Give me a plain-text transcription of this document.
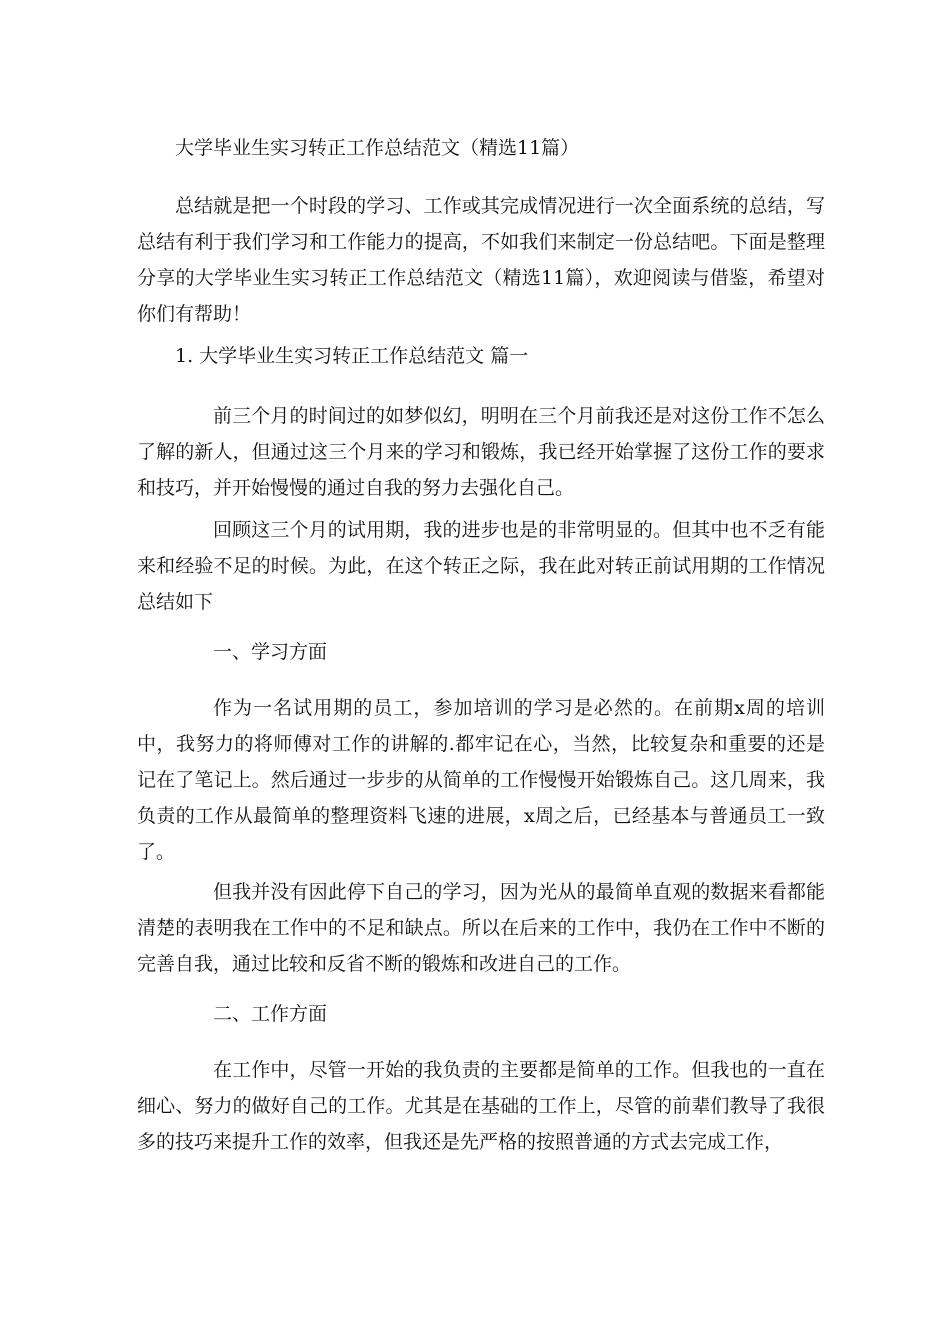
大学毕业生实习转正工作总结范文（精选11篇）

总结就是把一个时段的学习、工作或其完成情况进行一次全面系统的总结，写总结有利于我们学习和工作能力的提高，不如我们来制定一份总结吧。下面是整理分享的大学毕业生实习转正工作总结范文（精选11篇），欢迎阅读与借鉴，希望对你们有帮助！

1. 大学毕业生实习转正工作总结范文 篇一

前三个月的时间过的如梦似幻，明明在三个月前我还是对这份工作不怎么了解的新人，但通过这三个月来的学习和锻炼，我已经开始掌握了这份工作的要求和技巧，并开始慢慢的通过自我的努力去强化自己。

回顾这三个月的试用期，我的进步也是的非常明显的。但其中也不乏有能来和经验不足的时候。为此，在这个转正之际，我在此对转正前试用期的工作情况总结如下

一、学习方面

作为一名试用期的员工，参加培训的学习是必然的。在前期x周的培训中，我努力的将师傅对工作的讲解的.都牢记在心，当然，比较复杂和重要的还是记在了笔记上。然后通过一步步的从简单的工作慢慢开始锻炼自己。这几周来，我负责的工作从最简单的整理资料飞速的进展，x周之后，已经基本与普通员工一致了。

但我并没有因此停下自己的学习，因为光从的最简单直观的数据来看都能清楚的表明我在工作中的不足和缺点。所以在后来的工作中，我仍在工作中不断的完善自我，通过比较和反省不断的锻炼和改进自己的工作。

二、工作方面

在工作中，尽管一开始的我负责的主要都是简单的工作。但我也的一直在细心、努力的做好自己的工作。尤其是在基础的工作上，尽管的前辈们教导了我很多的技巧来提升工作的效率，但我还是先严格的按照普通的方式去完成工作，
